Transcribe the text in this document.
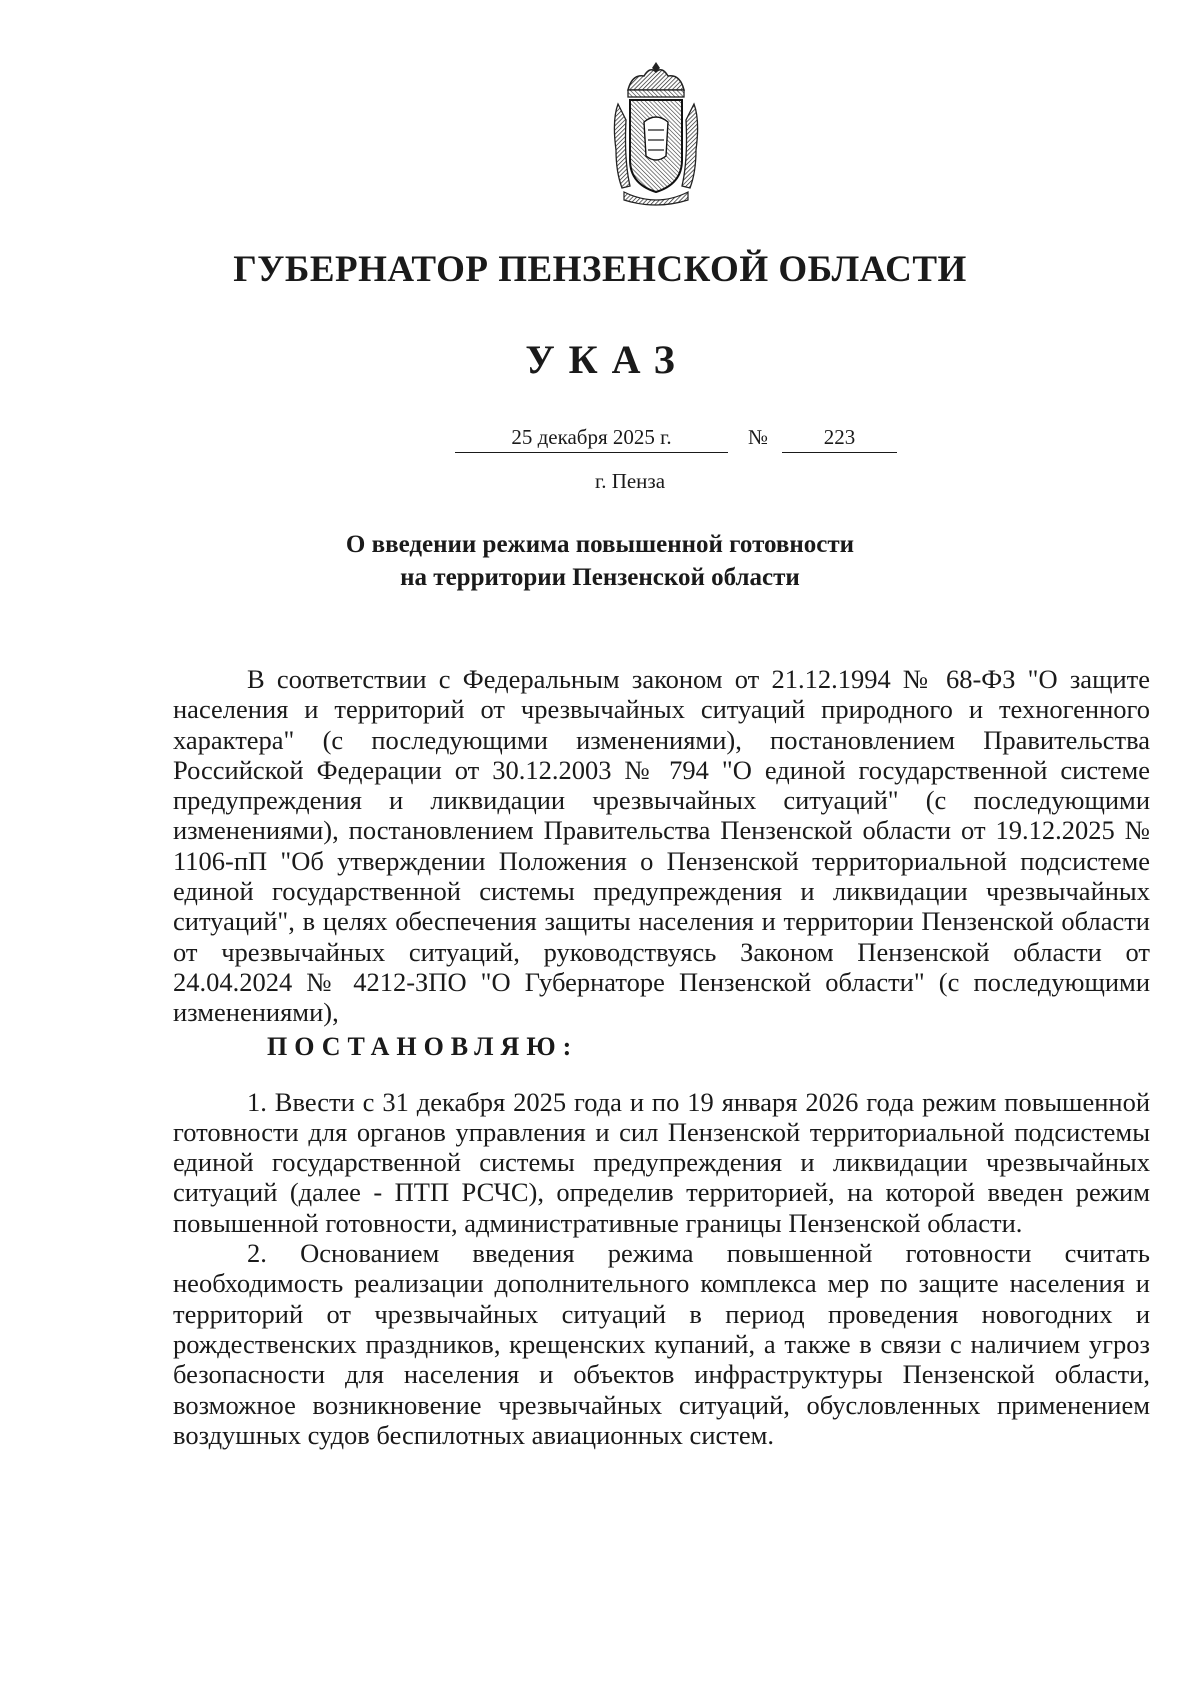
ГУБЕРНАТОР ПЕНЗЕНСКОЙ ОБЛАСТИ
УКАЗ
25 декабря 2025 г.	№	223
г. Пенза
О введении режима повышенной готовности
на территории Пензенской области

В соответствии с Федеральным законом от 21.12.1994 № 68-ФЗ "О защите населения и территорий от чрезвычайных ситуаций природного и техногенного характера" (с последующими изменениями), постановлением Правительства Российской Федерации от 30.12.2003 № 794 "О единой государственной системе предупреждения и ликвидации чрезвычайных ситуаций" (с последующими изменениями), постановлением Правительства Пензенской области от 19.12.2025 № 1106-пП "Об утверждении Положения о Пензенской территориальной подсистеме единой государственной системы предупреждения и ликвидации чрезвычайных ситуаций", в целях обеспечения защиты населения и территории Пензенской области от чрезвычайных ситуаций, руководствуясь Законом Пензенской области от 24.04.2024 № 4212-ЗПО "О Губернаторе Пензенской области" (с последующими изменениями),

ПОСТАНОВЛЯЮ:

1. Ввести с 31 декабря 2025 года и по 19 января 2026 года режим повышенной готовности для органов управления и сил Пензенской территориальной подсистемы единой государственной системы предупреждения и ликвидации чрезвычайных ситуаций (далее - ПТП РСЧС), определив территорией, на которой введен режим повышенной готовности, административные границы Пензенской области.

2. Основанием введения режима повышенной готовности считать необходимость реализации дополнительного комплекса мер по защите населения и территорий от чрезвычайных ситуаций в период проведения новогодних и рождественских праздников, крещенских купаний, а также в связи с наличием угроз безопасности для населения и объектов инфраструктуры Пензенской области, возможное возникновение чрезвычайных ситуаций, обусловленных применением воздушных судов беспилотных авиационных систем.
